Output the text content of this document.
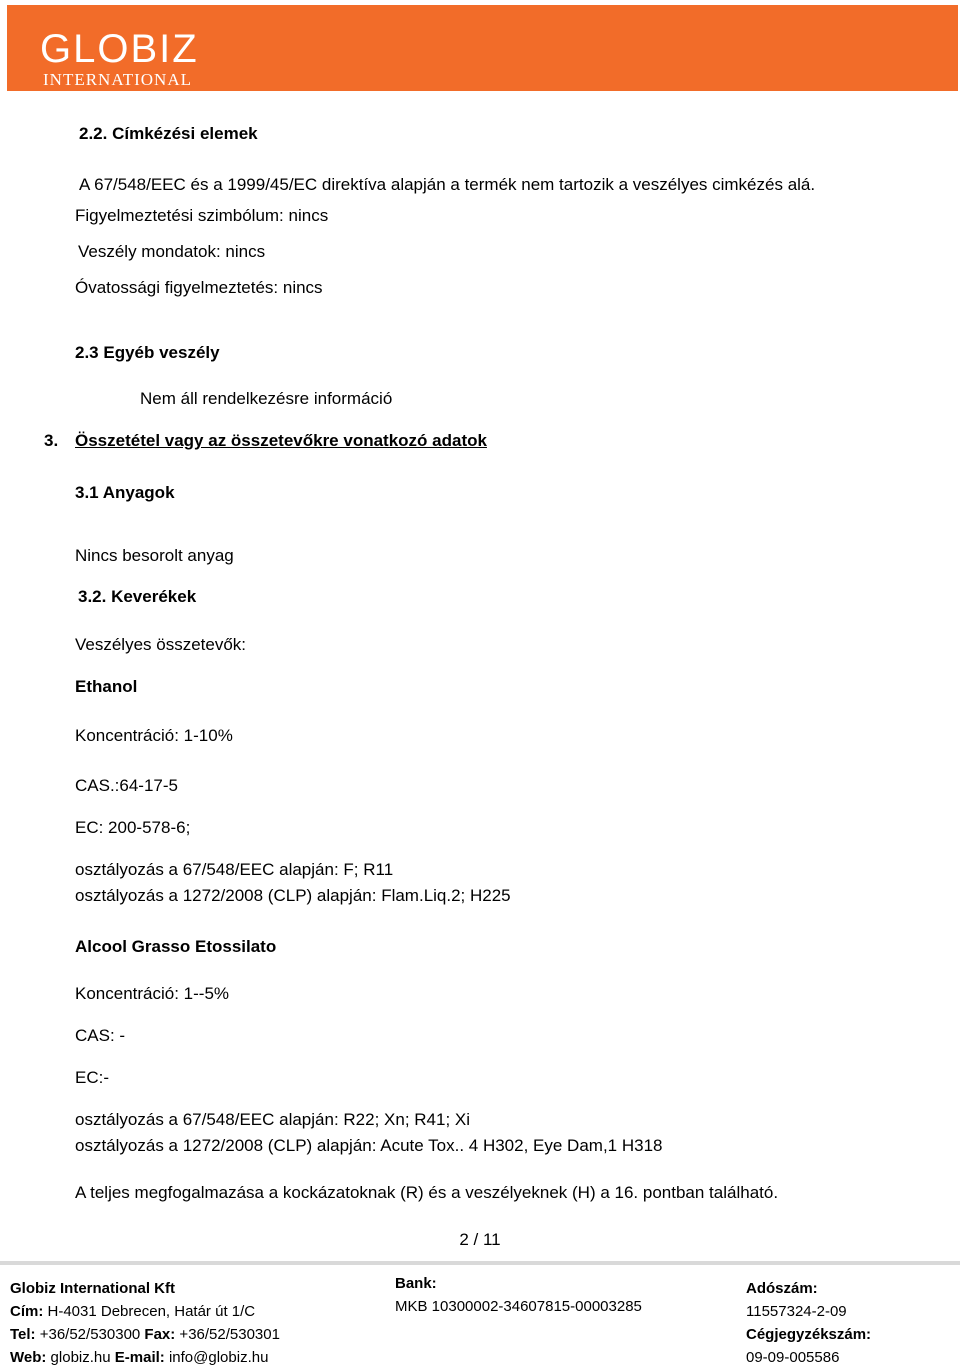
GLOBIZ
INTERNATIONAL
2.2. Címkézési elemek
A 67/548/EEC és a 1999/45/EC direktíva alapján a termék nem tartozik a veszélyes cimkézés alá.
Figyelmeztetési szimbólum: nincs
Veszély mondatok: nincs
Óvatossági figyelmeztetés: nincs
2.3 Egyéb veszély
Nem áll rendelkezésre információ
3. Összetétel vagy az összetevőkre vonatkozó adatok
3.1 Anyagok
Nincs besorolt anyag
3.2. Keverékek
Veszélyes összetevők:
Ethanol
Koncentráció: 1-10%
CAS.:64-17-5
EC: 200-578-6;
osztályozás a 67/548/EEC alapján: F; R11
osztályozás a 1272/2008 (CLP) alapján: Flam.Liq.2; H225
Alcool Grasso Etossilato
Koncentráció: 1--5%
CAS: -
EC:-
osztályozás a 67/548/EEC alapján: R22; Xn; R41; Xi
osztályozás a 1272/2008 (CLP) alapján: Acute Tox.. 4 H302, Eye Dam,1 H318
A teljes megfogalmazása a kockázatoknak (R) és a veszélyeknek (H) a 16. pontban található.
2 / 11
Globiz International Kft
Cím: H-4031 Debrecen, Határ út 1/C
Tel: +36/52/530300 Fax: +36/52/530301
Web: globiz.hu E-mail: info@globiz.hu
Bank:
MKB 10300002-34607815-00003285
Adószám:
11557324-2-09
Cégjegyzékszám:
09-09-005586
